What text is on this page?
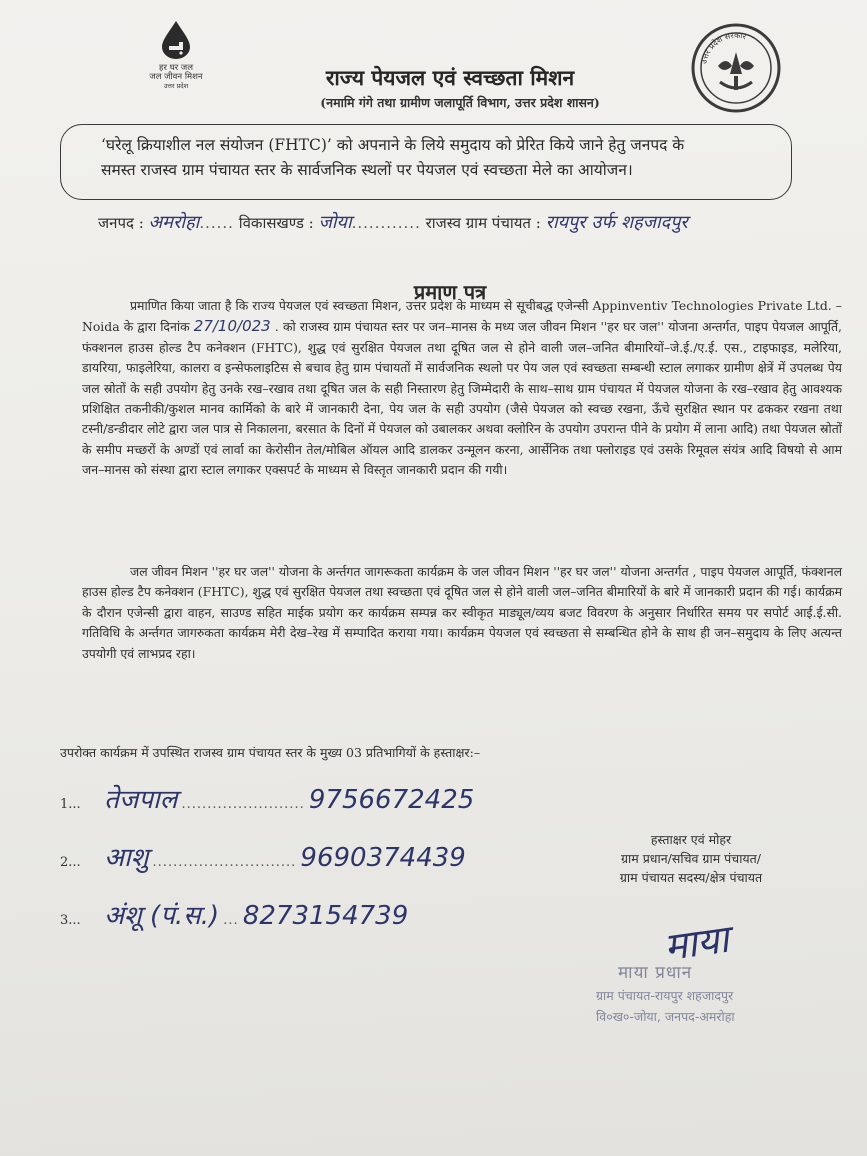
हर घर जल
जल जीवन मिशन
उत्तर प्रदेश
उत्तर प्रदेश सरकार
राज्य पेयजल एवं स्वच्छता मिशन
(नमामि गंगे तथा ग्रामीण जलापूर्ति विभाग, उत्तर प्रदेश शासन)
‘घरेलू क्रियाशील नल संयोजन (FHTC)’ को अपनाने के लिये समुदाय को प्रेरित किये जाने हेतु जनपद के
समस्त राजस्व ग्राम पंचायत स्तर के सार्वजनिक स्थलों पर पेयजल एवं स्वच्छता मेले का आयोजन।
जनपद : अमरोहा...... विकासखण्ड : जोया............ राजस्व ग्राम पंचायत : रायपुर उर्फ शहजादपुर
प्रमाण पत्र
प्रमाणित किया जाता है कि राज्य पेयजल एवं स्वच्छता मिशन, उत्तर प्रदेश के माध्यम से सूचीबद्ध एजेन्सी Appinventiv Technologies Private Ltd. – Noida के द्वारा दिनांक 27/10/023 . को राजस्व ग्राम पंचायत स्तर पर जन–मानस के मध्य जल जीवन मिशन ''हर घर जल'' योजना अन्तर्गत, पाइप पेयजल आपूर्ति, फंक्शनल हाउस होल्ड टैप कनेक्शन (FHTC), शुद्ध एवं सुरक्षित पेयजल तथा दूषित जल से होने वाली जल–जनित बीमारियों–जे.ई./ए.ई. एस., टाइफाइड, मलेरिया, डायरिया, फाइलेरिया, कालरा व इन्सेफलाइटिस से बचाव हेतु ग्राम पंचायतों में सार्वजनिक स्थलो पर पेय जल एवं स्वच्छता सम्बन्धी स्टाल लगाकर ग्रामीण क्षेत्रें में उपलब्ध पेय जल स्रोतों के सही उपयोग हेतु उनके रख–रखाव तथा दूषित जल के सही निस्तारण हेतु जिम्मेदारी के साथ–साथ ग्राम पंचायत में पेयजल योजना के रख–रखाव हेतु आवश्यक प्रशिक्षित तकनीकी/कुशल मानव कार्मिको के बारे में जानकारी देना, पेय जल के सही उपयोग (जैसे पेयजल को स्वच्छ रखना, ऊँचे सुरक्षित स्थान पर ढककर रखना तथा टस्नी/डन्डीदार लोटे द्वारा जल पात्र से निकालना, बरसात के दिनों में पेयजल को उबालकर अथवा क्लोरिन के उपयोग उपरान्त पीने के प्रयोग में लाना आदि) तथा पेयजल स्रोतों के समीप मच्छरों के अण्डों एवं लार्वा का केरोसीन तेल/मोबिल ऑयल आदि डालकर उन्मूलन करना, आर्सेनिक तथा फ्लोराइड एवं उसके रिमूवल संयंत्र आदि विषयो से आम जन–मानस को संस्था द्वारा स्टाल लगाकर एक्सपर्ट के माध्यम से विस्तृत जानकारी प्रदान की गयी।
जल जीवन मिशन ''हर घर जल'' योजना के अर्न्तगत जागरूकता कार्यक्रम के जल जीवन मिशन ''हर घर जल'' योजना अन्तर्गत , पाइप पेयजल आपूर्ति, फंक्शनल हाउस होल्ड टैप कनेक्शन (FHTC), शुद्ध एवं सुरक्षित पेयजल तथा स्वच्छता एवं दूषित जल से होने वाली जल–जनित बीमारियों के बारे में जानकारी प्रदान की गई। कार्यक्रम के दौरान एजेन्सी द्वारा वाहन, साउण्ड सहित माईक प्रयोग कर कार्यक्रम सम्पन्न कर स्वीकृत माड्यूल/व्यय बजट विवरण के अनुसार निर्धारित समय पर सपोर्ट आई.ई.सी. गतिविधि के अर्न्तगत जागरुकता कार्यक्रम मेरी देख–रेख में सम्पादित कराया गया। कार्यक्रम पेयजल एवं स्वच्छता से सम्बन्धित होने के साथ ही जन–समुदाय के लिए अत्यन्त उपयोगी एवं लाभप्रद रहा।
उपरोक्त कार्यक्रम में उपस्थित राजस्व ग्राम पंचायत स्तर के मुख्य 03 प्रतिभागियों के हस्ताक्षर:–
1... तेजपाल ........................ 9756672425
2... आशु ............................ 9690374439
3... अंशू (पं.स.) ... 8273154739
हस्ताक्षर एवं मोहर
ग्राम प्रधान/सचिव ग्राम पंचायत/
ग्राम पंचायत सदस्य/क्षेत्र पंचायत
माया
माया प्रधान
ग्राम पंचायत-रायपुर शहजादपुर
वि०ख०-जोया, जनपद-अमरोहा
